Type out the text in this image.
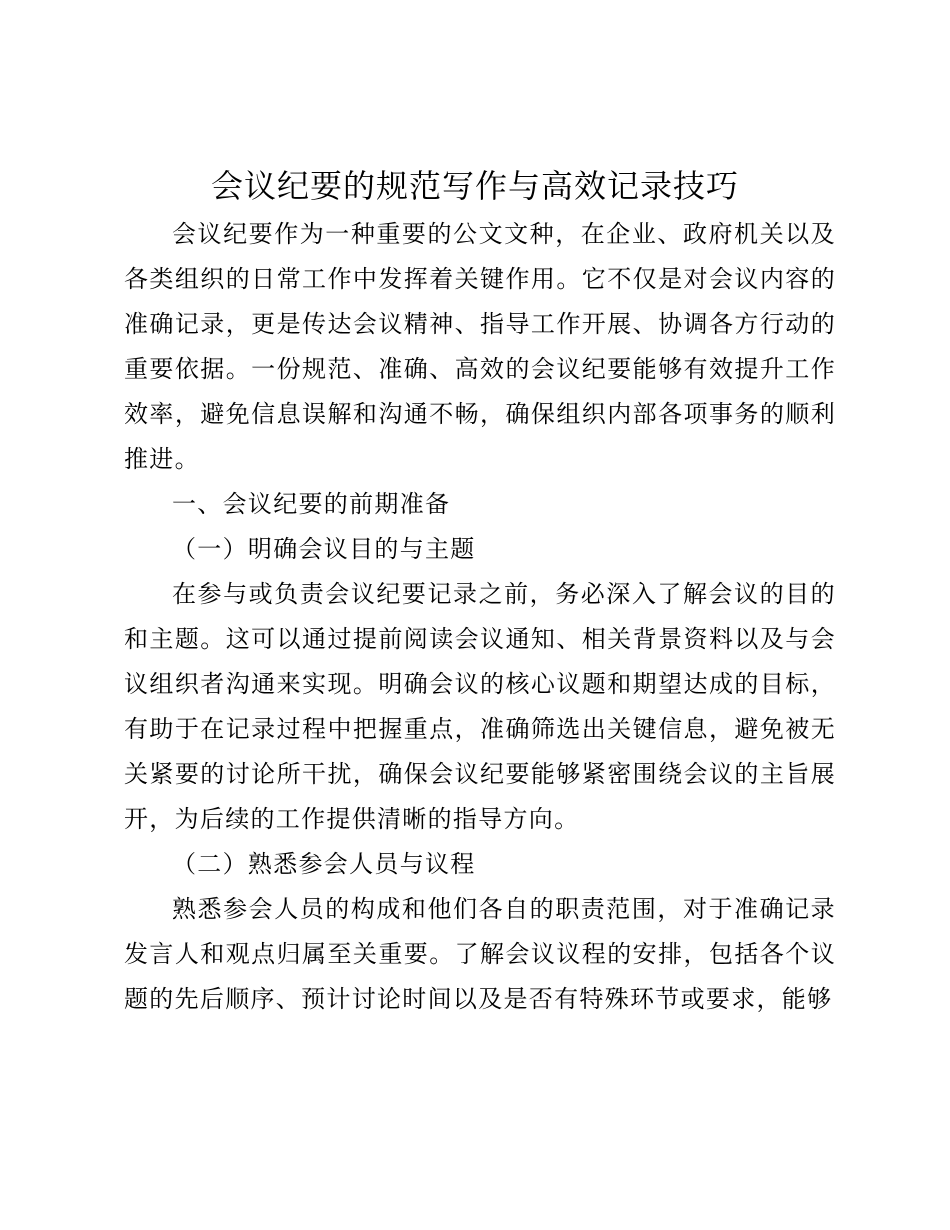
会议纪要的规范写作与高效记录技巧

会议纪要作为一种重要的公文文种，在企业、政府机关以及各类组织的日常工作中发挥着关键作用。它不仅是对会议内容的准确记录，更是传达会议精神、指导工作开展、协调各方行动的重要依据。一份规范、准确、高效的会议纪要能够有效提升工作效率，避免信息误解和沟通不畅，确保组织内部各项事务的顺利推进。

一、会议纪要的前期准备

（一）明确会议目的与主题

在参与或负责会议纪要记录之前，务必深入了解会议的目的和主题。这可以通过提前阅读会议通知、相关背景资料以及与会议组织者沟通来实现。明确会议的核心议题和期望达成的目标，有助于在记录过程中把握重点，准确筛选出关键信息，避免被无关紧要的讨论所干扰，确保会议纪要能够紧密围绕会议的主旨展开，为后续的工作提供清晰的指导方向。

（二）熟悉参会人员与议程

熟悉参会人员的构成和他们各自的职责范围，对于准确记录发言人和观点归属至关重要。了解会议议程的安排，包括各个议题的先后顺序、预计讨论时间以及是否有特殊环节或要求，能够
